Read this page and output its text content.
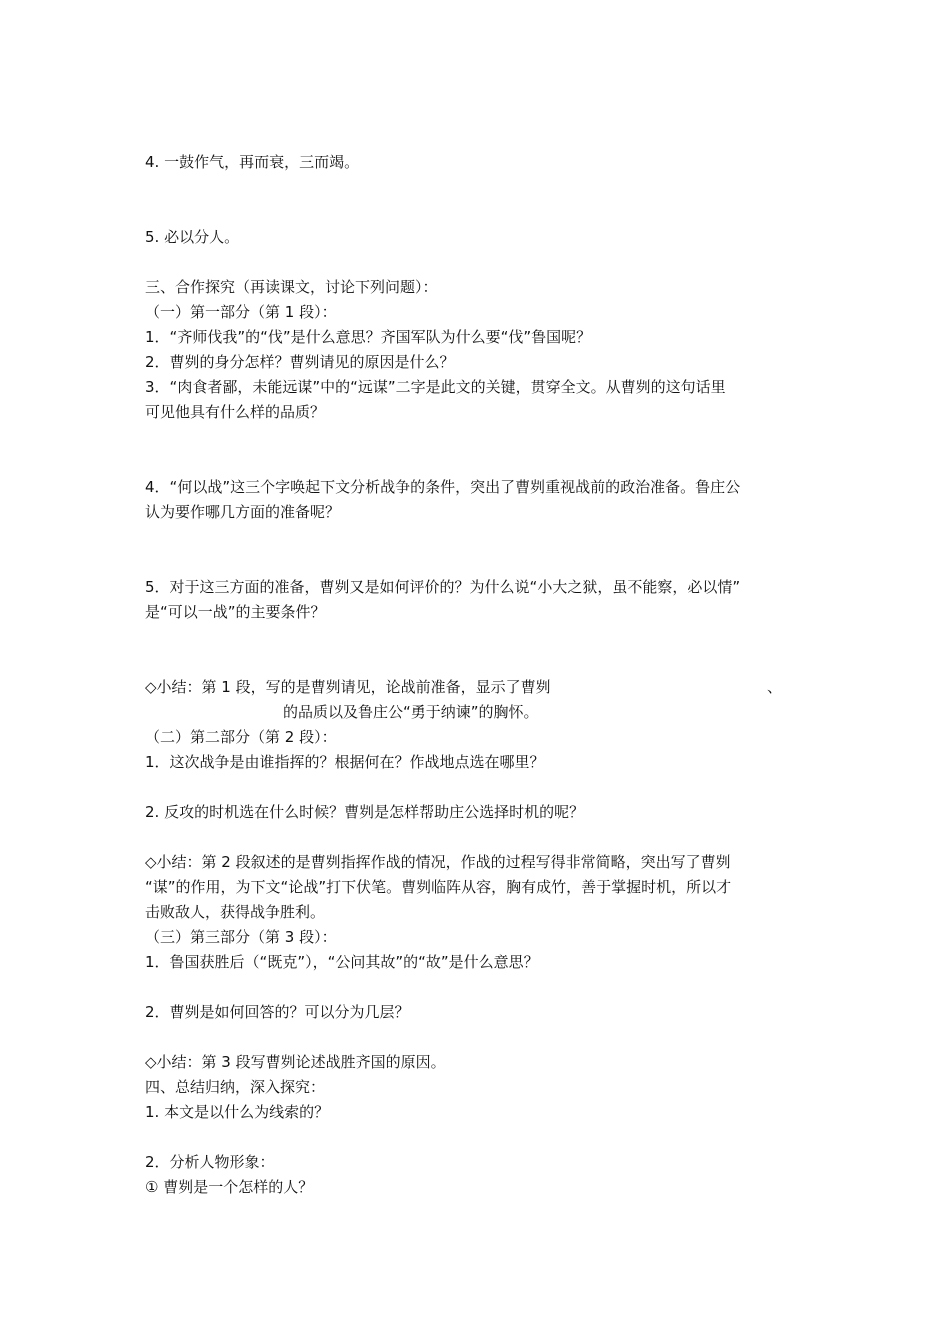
4. 一鼓作气，再而衰，三而竭。
5. 必以分人。
三、合作探究（再读课文，讨论下列问题）：
（一）第一部分（第 1 段）：
1．“齐师伐我”的“伐”是什么意思？齐国军队为什么要“伐”鲁国呢？
2．曹刿的身分怎样？曹刿请见的原因是什么？
3．“肉食者鄙，未能远谋”中的“远谋”二字是此文的关键，贯穿全文。从曹刿的这句话里
可见他具有什么样的品质？
4．“何以战”这三个字唤起下文分析战争的条件，突出了曹刿重视战前的政治准备。鲁庄公
认为要作哪几方面的准备呢？
5．对于这三方面的准备，曹刿又是如何评价的？为什么说“小大之狱，虽不能察，必以情”
是“可以一战”的主要条件？
◇小结：第 1 段，写的是曹刿请见，论战前准备，显示了曹刿	、
的品质以及鲁庄公“勇于纳谏”的胸怀。
（二）第二部分（第 2 段）：
1．这次战争是由谁指挥的？根据何在？作战地点选在哪里？
2. 反攻的时机选在什么时候？曹刿是怎样帮助庄公选择时机的呢？
◇小结：第 2 段叙述的是曹刿指挥作战的情况，作战的过程写得非常简略，突出写了曹刿
“谋”的作用，为下文“论战”打下伏笔。曹刿临阵从容，胸有成竹，善于掌握时机，所以才
击败敌人，获得战争胜利。
（三）第三部分（第 3 段）：
1．鲁国获胜后（“既克”），“公问其故”的“故”是什么意思？
2．曹刿是如何回答的？可以分为几层？
◇小结：第 3 段写曹刿论述战胜齐国的原因。
四、总结归纳，深入探究：
1. 本文是以什么为线索的？
2．分析人物形象：
① 曹刿是一个怎样的人？
